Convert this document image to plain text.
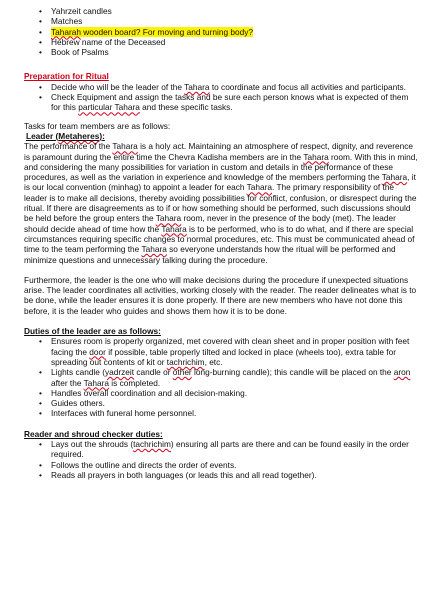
• Yahrzeit candles
• Matches
• Taharah wooden board? For moving and turning body?
• Hebrew name of the Deceased
• Book of Psalms
Preparation for Ritual
• Decide who will be the leader of the Tahara to coordinate and focus all activities and participants.
• Check Equipment and assign the tasks and be sure each person knows what is expected of them for this particular Tahara and these specific tasks.

Tasks for team members are as follows:

Leader (Metaheres):

The performance of the Tahara is a holy act. Maintaining an atmosphere of respect, dignity, and reverence is paramount during the entire time the Chevra Kadisha members are in the Tahara room. With this in mind, and considering the many possibilities for variation in custom and details in the performance of these procedures, as well as the variation in experience and knowledge of the members performing the Tahara, it is our local convention (minhag) to appoint a leader for each Tahara. The primary responsibility of the leader is to make all decisions, thereby avoiding possibilities for conflict, confusion, or disrespect during the ritual. If there are disagreements as to if or how something should be performed, such discussions should be held before the group enters the Tahara room, never in the presence of the body (met). The leader should decide ahead of time how the Tahara is to be performed, who is to do what, and if there are special circumstances requiring specific changes to normal procedures, etc. This must be communicated ahead of time to the team performing the Tahara so everyone understands how the ritual will be performed and minimize questions and unnecessary talking during the procedure.

Furthermore, the leader is the one who will make decisions during the procedure if unexpected situations arise. The leader coordinates all activities, working closely with the reader. The reader delineates what is to be done, while the leader ensures it is done properly. If there are new members who have not done this before, it is the leader who guides and shows them how it is to be done.

Duties of the leader are as follows:

• Ensures room is properly organized, met covered with clean sheet and in proper position with feet facing the door if possible, table properly tilted and locked in place (wheels too), extra table for spreading out contents of kit or tachrichim, etc.
• Lights candle (yadrzeit candle or other long-burning candle); this candle will be placed on the aron after the Tahara is completed.
• Handles overall coordination and all decision-making.
• Guides others.
• Interfaces with funeral home personnel.

Reader and shroud checker duties:

• Lays out the shrouds (tachrichim) ensuring all parts are there and can be found easily in the order required.
• Follows the outline and directs the order of events.
• Reads all prayers in both languages (or leads this and all read together).
